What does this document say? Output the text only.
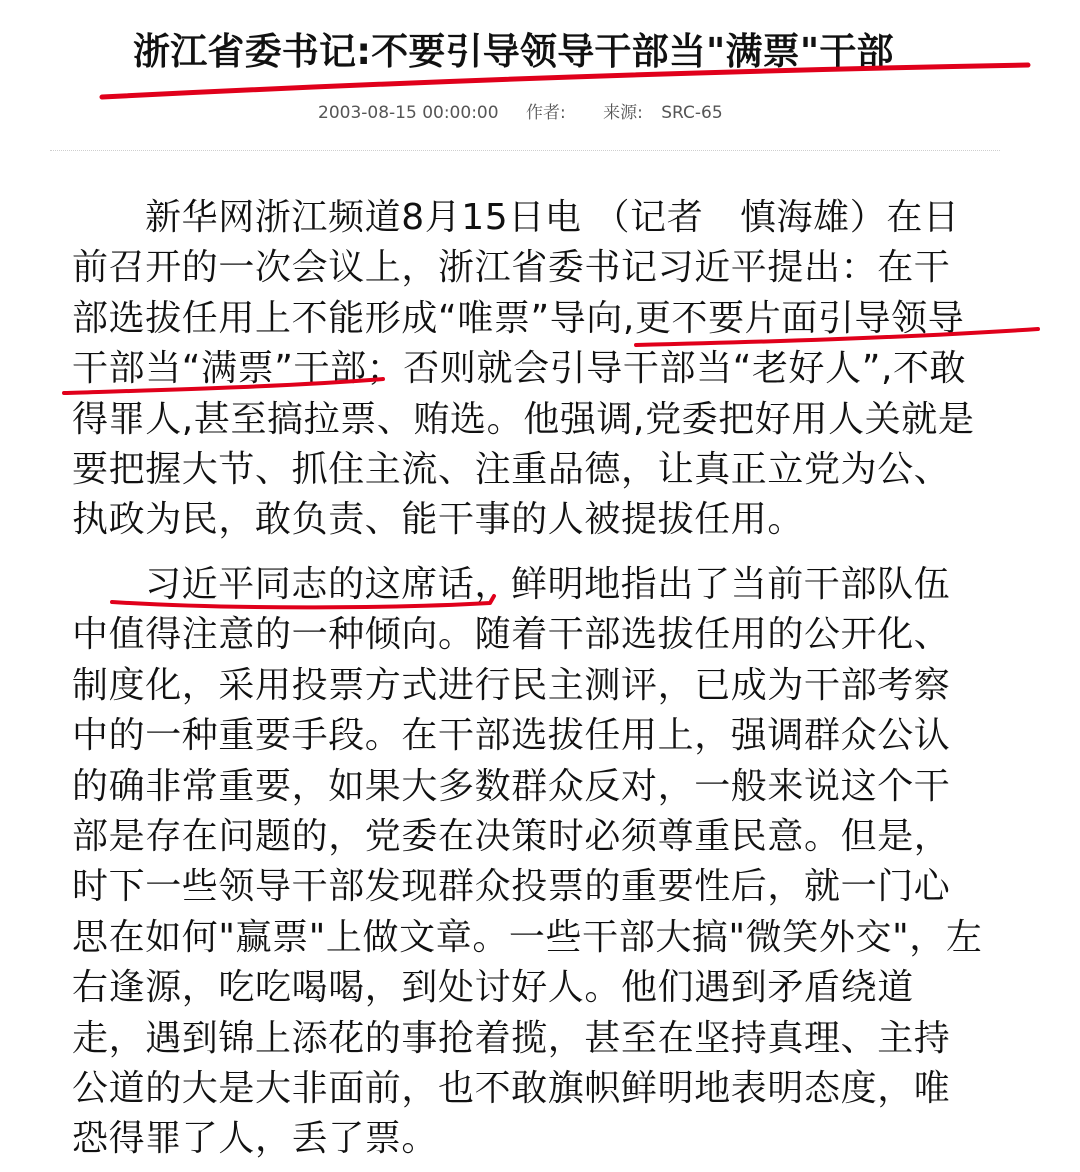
浙江省委书记:不要引导领导干部当"满票"干部
2003-08-15 00:00:00 作者: 来源: SRC-65
新华网浙江频道8月15日电 （记者　慎海雄）在日
前召开的一次会议上，浙江省委书记习近平提出：在干
部选拔任用上不能形成“唯票”导向,更不要片面引导领导
干部当“满票”干部；否则就会引导干部当“老好人”,不敢
得罪人,甚至搞拉票、贿选。他强调,党委把好用人关就是
要把握大节、抓住主流、注重品德，让真正立党为公、
执政为民，敢负责、能干事的人被提拔任用。
习近平同志的这席话，鲜明地指出了当前干部队伍
中值得注意的一种倾向。随着干部选拔任用的公开化、
制度化，采用投票方式进行民主测评，已成为干部考察
中的一种重要手段。在干部选拔任用上，强调群众公认
的确非常重要，如果大多数群众反对，一般来说这个干
部是存在问题的，党委在决策时必须尊重民意。但是，
时下一些领导干部发现群众投票的重要性后，就一门心
思在如何"赢票"上做文章。一些干部大搞"微笑外交"，左
右逢源，吃吃喝喝，到处讨好人。他们遇到矛盾绕道
走，遇到锦上添花的事抢着揽，甚至在坚持真理、主持
公道的大是大非面前，也不敢旗帜鲜明地表明态度，唯
恐得罪了人，丢了票。
